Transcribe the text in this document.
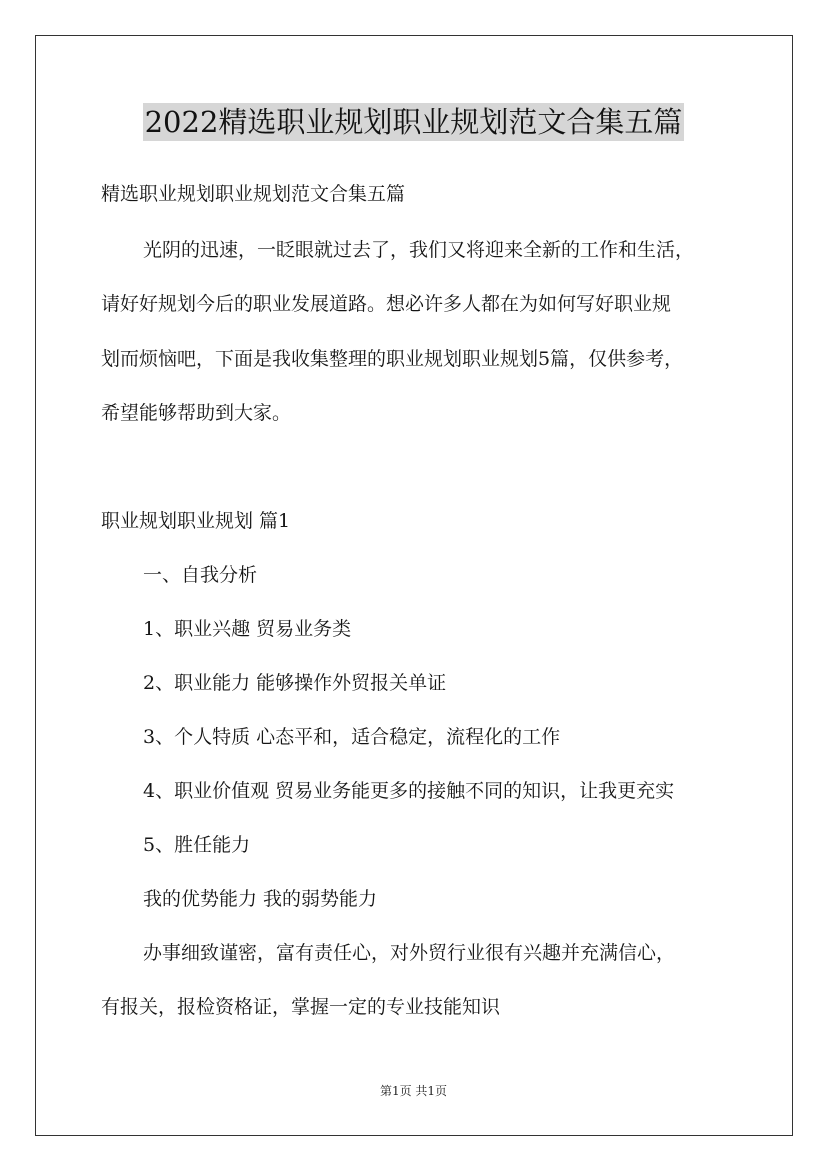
2022精选职业规划职业规划范文合集五篇
精选职业规划职业规划范文合集五篇
光阴的迅速，一眨眼就过去了，我们又将迎来全新的工作和生活，
请好好规划今后的职业发展道路。想必许多人都在为如何写好职业规
划而烦恼吧，下面是我收集整理的职业规划职业规划5篇，仅供参考，
希望能够帮助到大家。
职业规划职业规划 篇1
一、自我分析
1、职业兴趣 贸易业务类
2、职业能力 能够操作外贸报关单证
3、个人特质 心态平和，适合稳定，流程化的工作
4、职业价值观 贸易业务能更多的接触不同的知识，让我更充实
5、胜任能力
我的优势能力 我的弱势能力
办事细致谨密，富有责任心，对外贸行业很有兴趣并充满信心，
有报关，报检资格证，掌握一定的专业技能知识
第1页 共1页
